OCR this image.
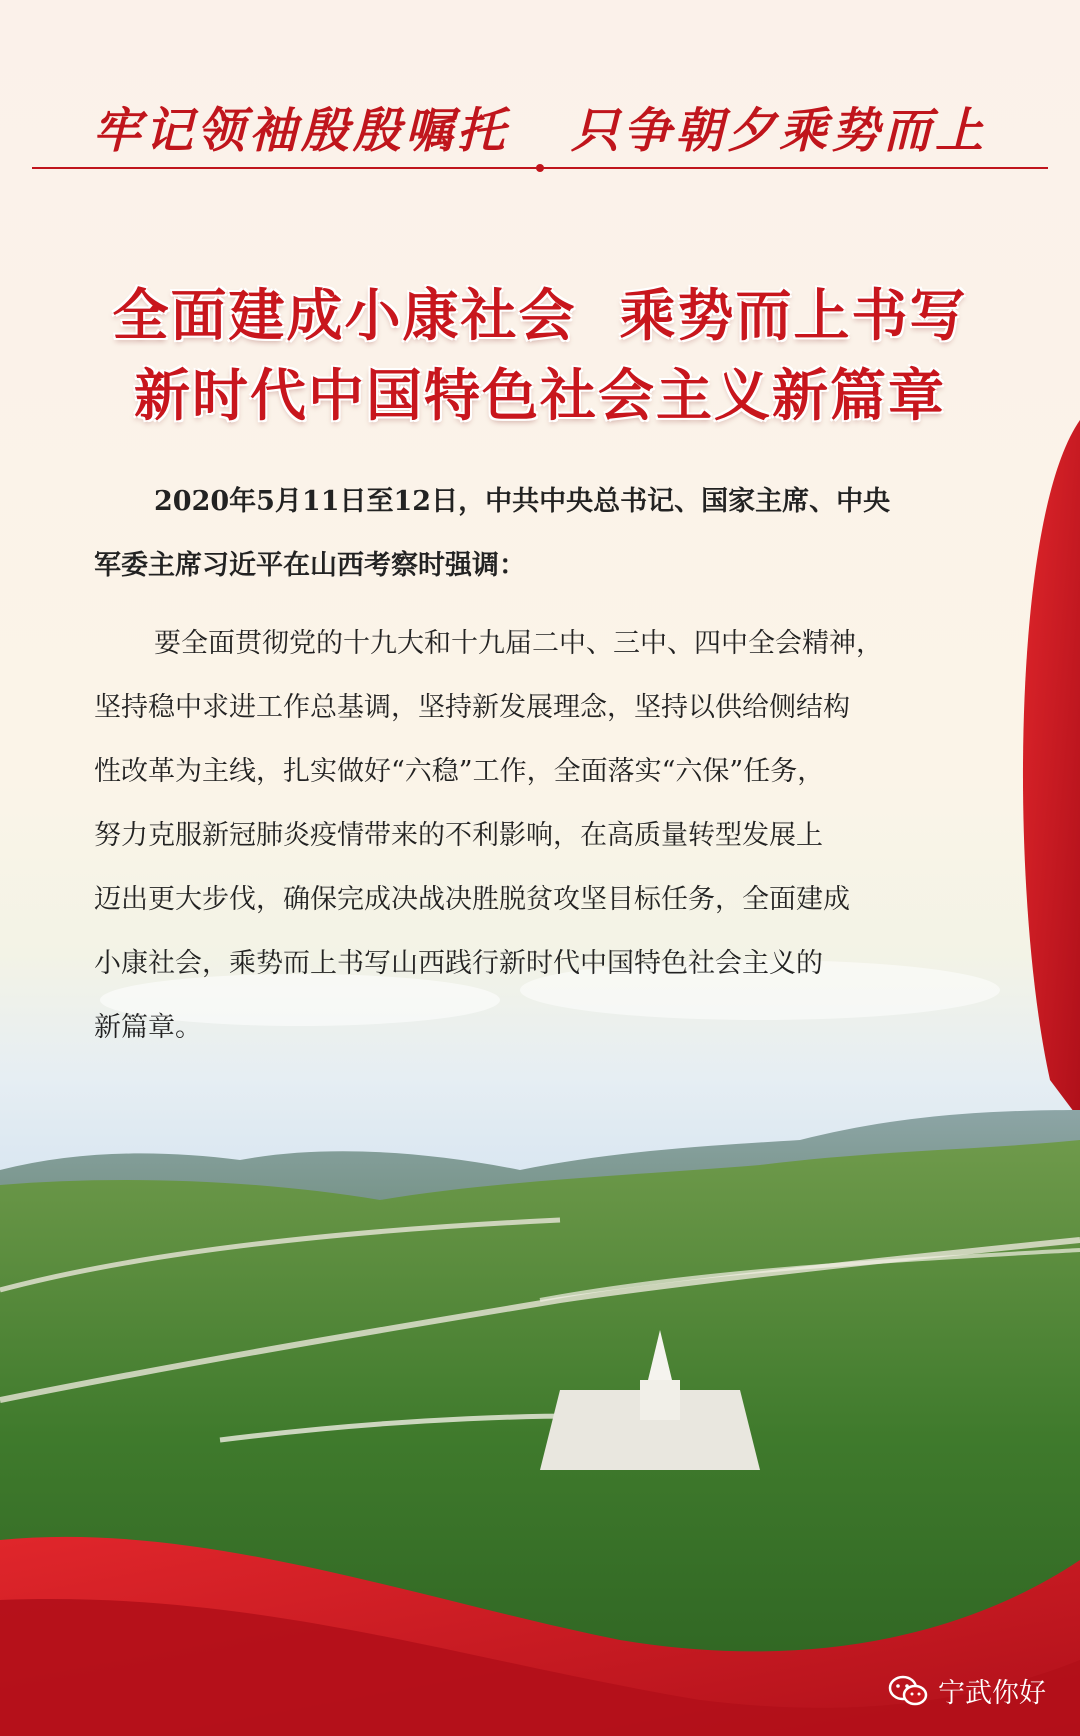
牢记领袖殷殷嘱托 只争朝夕乘势而上
全面建成小康社会  乘势而上书写
新时代中国特色社会主义新篇章
2020年5月11日至12日，中共中央总书记、国家主席、中央
军委主席习近平在山西考察时强调：
要全面贯彻党的十九大和十九届二中、三中、四中全会精神，
坚持稳中求进工作总基调，坚持新发展理念，坚持以供给侧结构
性改革为主线，扎实做好“六稳”工作，全面落实“六保”任务，
努力克服新冠肺炎疫情带来的不利影响，在高质量转型发展上
迈出更大步伐，确保完成决战决胜脱贫攻坚目标任务，全面建成
小康社会，乘势而上书写山西践行新时代中国特色社会主义的
新篇章。
宁武你好
